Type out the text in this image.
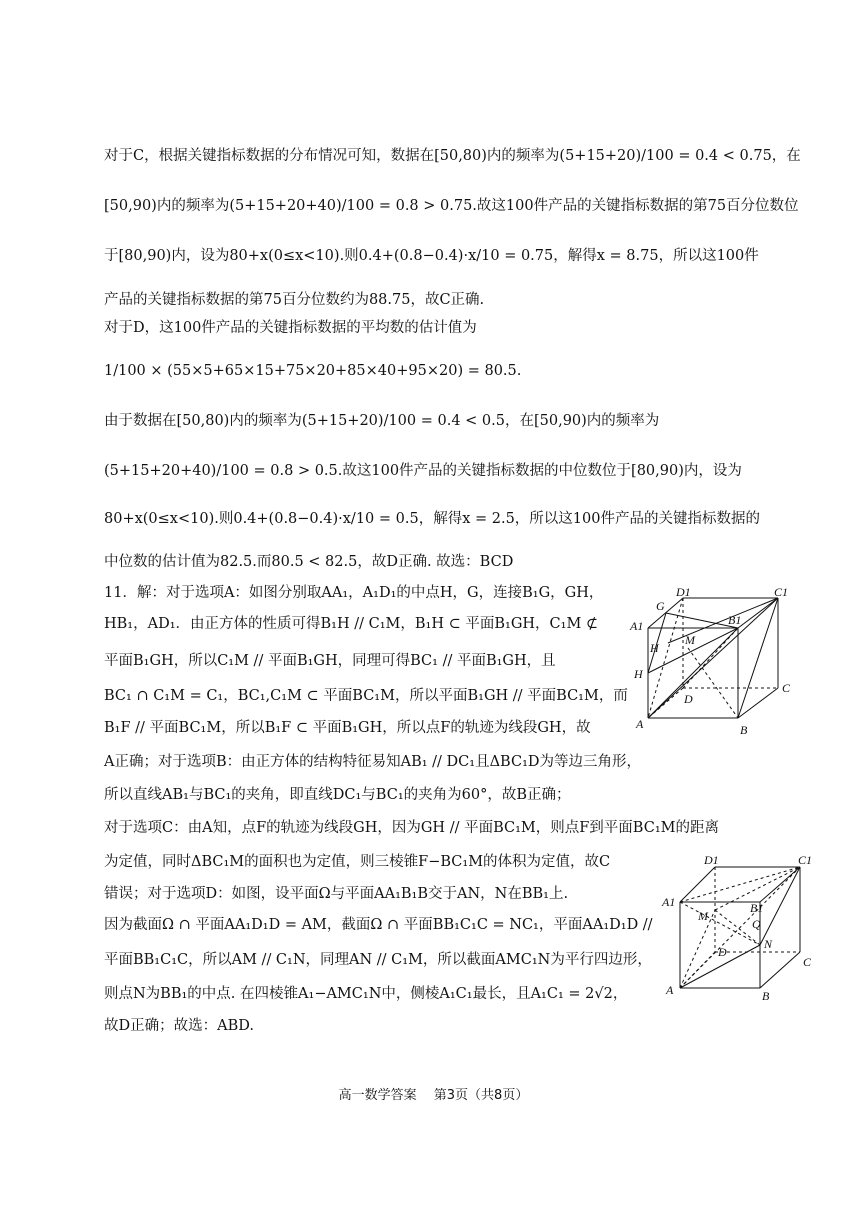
对于C，根据关键指标数据的分布情况可知，数据在[50,80)内的频率为(5+15+20)/100 = 0.4 < 0.75，在
[50,90)内的频率为(5+15+20+40)/100 = 0.8 > 0.75.故这100件产品的关键指标数据的第75百分位数位
于[80,90)内，设为80+x(0≤x<10).则0.4+(0.8−0.4)·x/10 = 0.75，解得x = 8.75，所以这100件
产品的关键指标数据的第75百分位数约为88.75，故C正确.
对于D，这100件产品的关键指标数据的平均数的估计值为
1/100 × (55×5+65×15+75×20+85×40+95×20) = 80.5.
由于数据在[50,80)内的频率为(5+15+20)/100 = 0.4 < 0.5，在[50,90)内的频率为
(5+15+20+40)/100 = 0.8 > 0.5.故这100件产品的关键指标数据的中位数位于[80,90)内，设为
80+x(0≤x<10).则0.4+(0.8−0.4)·x/10 = 0.5，解得x = 2.5，所以这100件产品的关键指标数据的
中位数的估计值为82.5.而80.5 < 82.5，故D正确. 故选：BCD
11．解：对于选项A：如图分别取AA₁，A₁D₁的中点H，G，连接B₁G，GH，
HB₁，AD₁．由正方体的性质可得B₁H // C₁M，B₁H ⊂ 平面B₁GH，C₁M ⊄
平面B₁GH，所以C₁M // 平面B₁GH，同理可得BC₁ // 平面B₁GH，且
BC₁ ∩ C₁M = C₁，BC₁,C₁M ⊂ 平面BC₁M，所以平面B₁GH // 平面BC₁M，而
B₁F // 平面BC₁M，所以B₁F ⊂ 平面B₁GH，所以点F的轨迹为线段GH，故
A正确；对于选项B：由正方体的结构特征易知AB₁ // DC₁且ΔBC₁D为等边三角形，
所以直线AB₁与BC₁的夹角，即直线DC₁与BC₁的夹角为60°，故B正确；
对于选项C：由A知，点F的轨迹为线段GH，因为GH // 平面BC₁M，则点F到平面BC₁M的距离
为定值，同时ΔBC₁M的面积也为定值，则三棱锥F−BC₁M的体积为定值，故C
错误；对于选项D：如图，设平面Ω与平面AA₁B₁B交于AN，N在BB₁上.
因为截面Ω ∩ 平面AA₁D₁D = AM，截面Ω ∩ 平面BB₁C₁C = NC₁，平面AA₁D₁D //
平面BB₁C₁C，所以AM // C₁N，同理AN // C₁M，所以截面AMC₁N为平行四边形，
则点N为BB₁的中点. 在四棱锥A₁−AMC₁N中，侧棱A₁C₁最长，且A₁C₁ = 2√2，
故D正确；故选：ABD.
D1	C1
G
A1	B1
M
H
H
D
C
A	B
D1	C1
A1	B1
M
Q
N
D
C
A	B
高一数学答案　 第3页（共8页）
